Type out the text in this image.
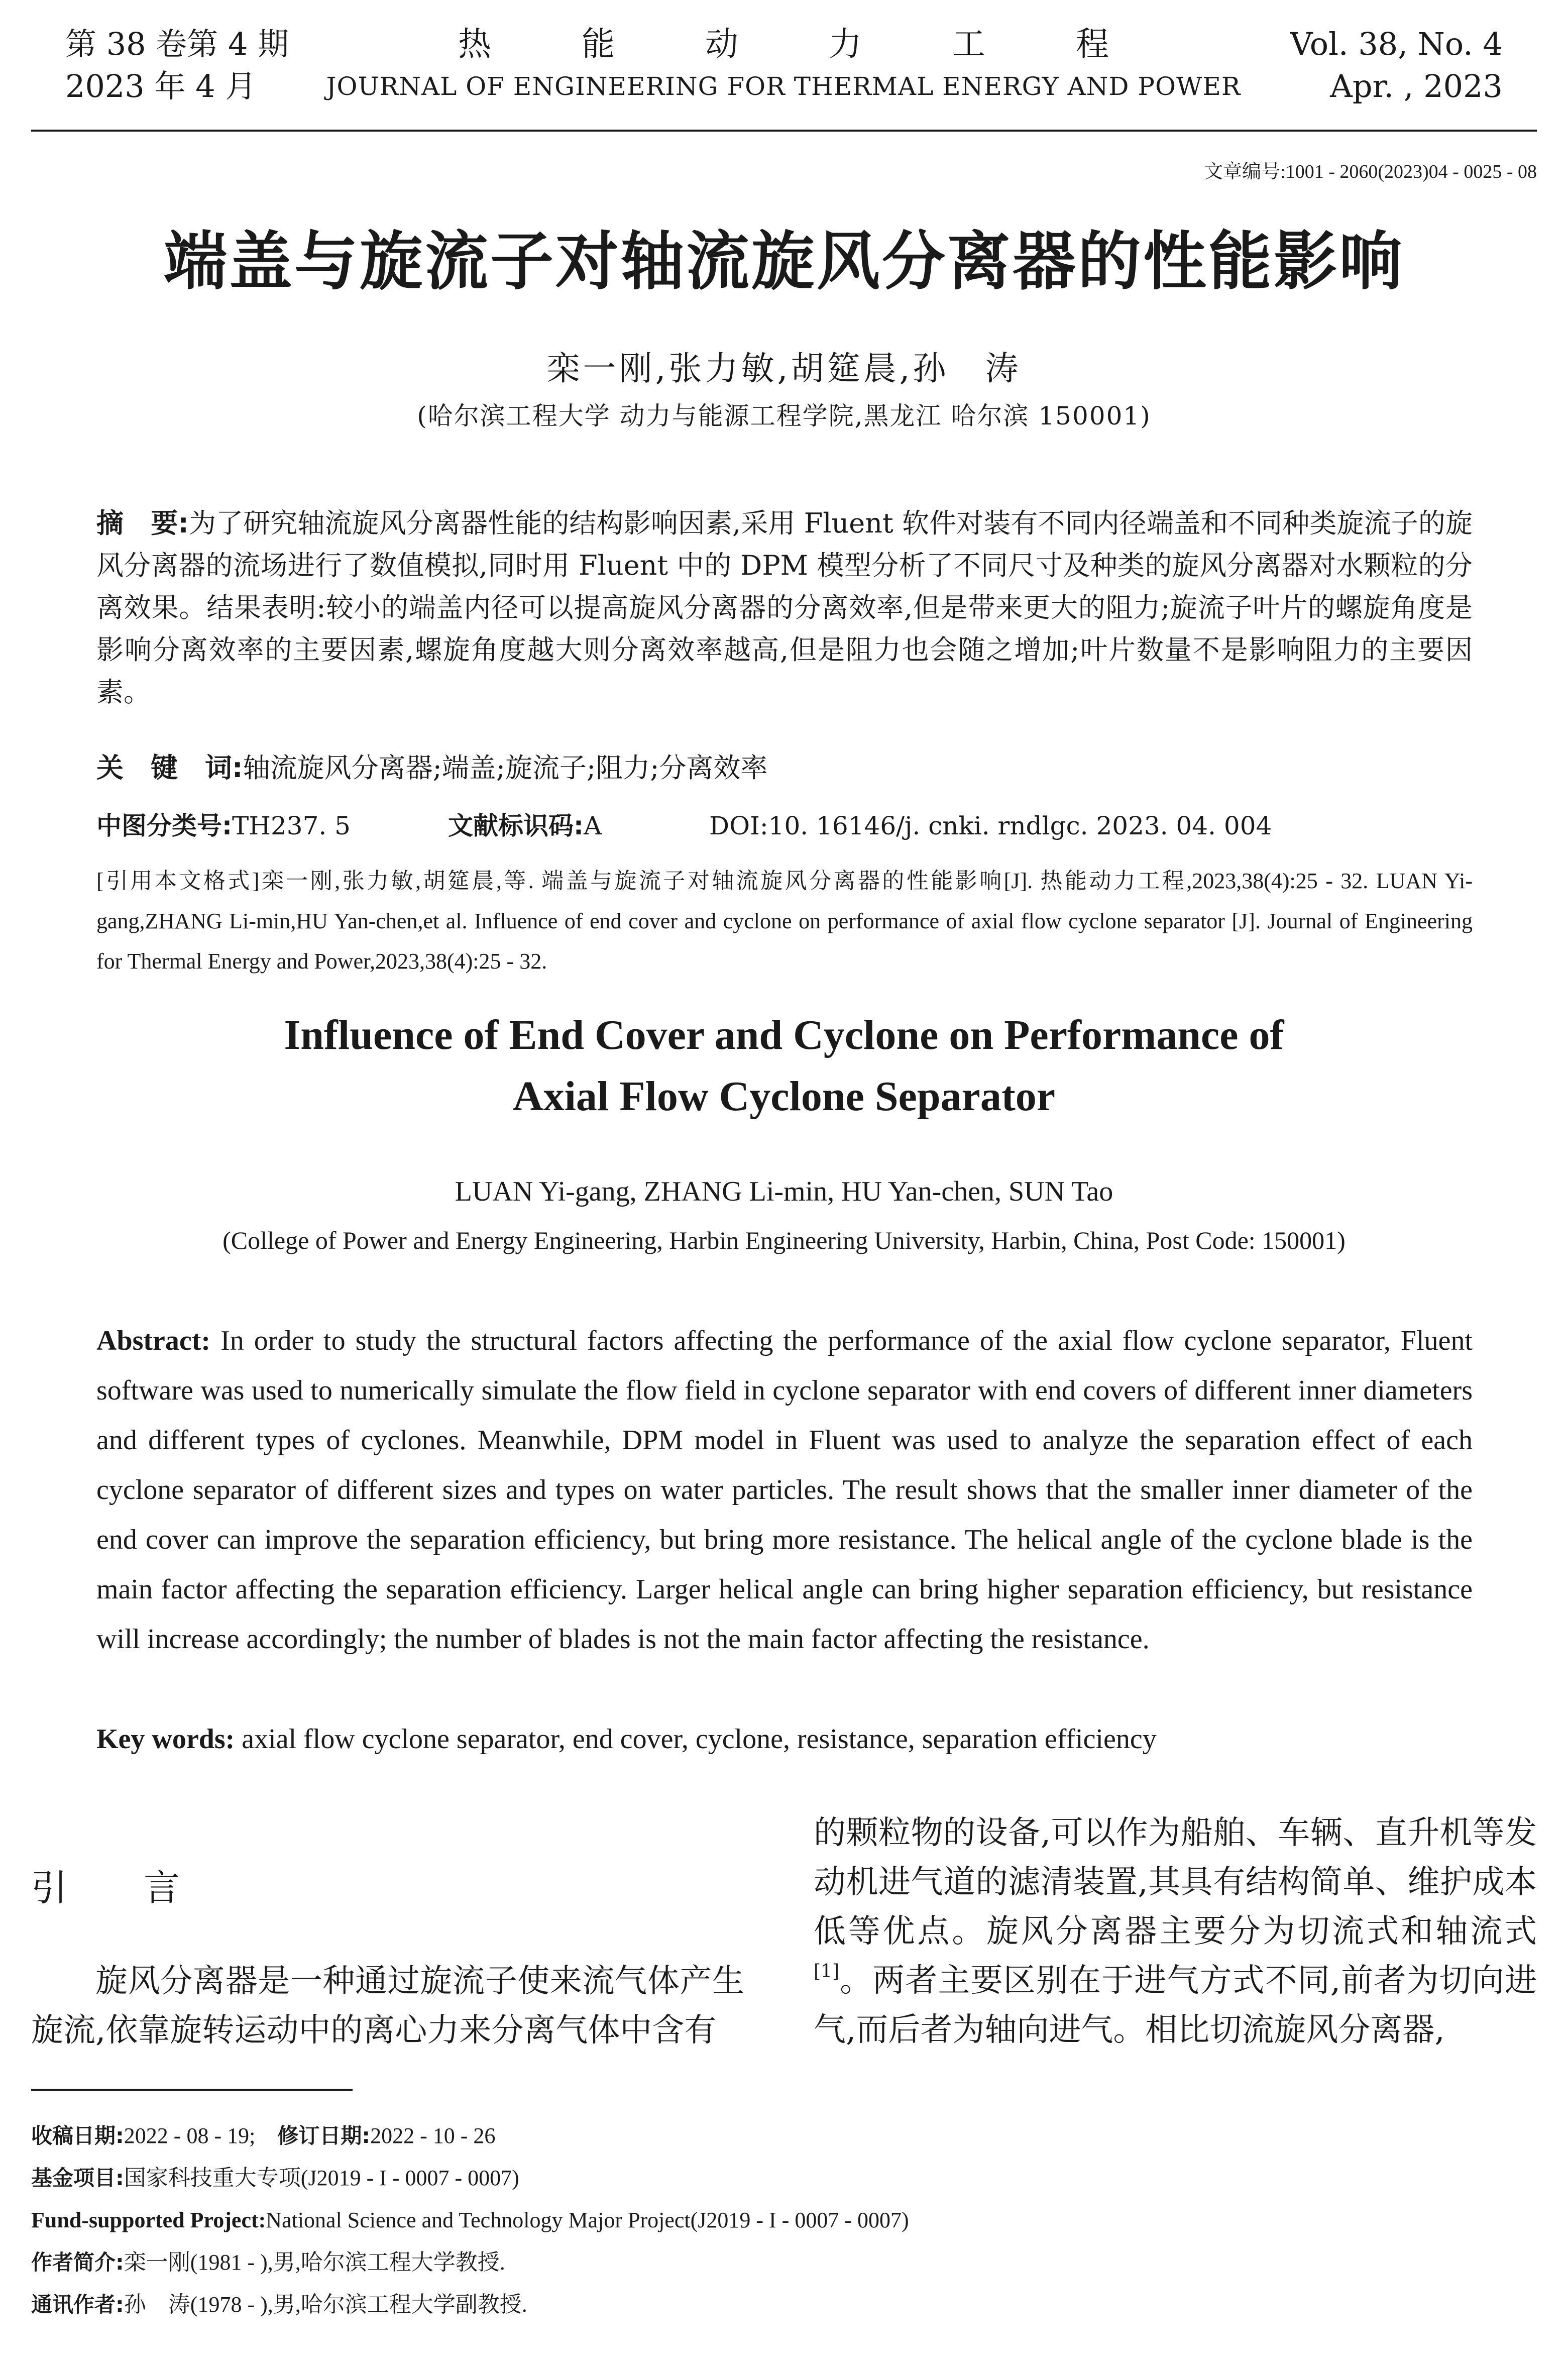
第 38 卷第 4 期
2023 年 4 月
热能动力工程
JOURNAL OF ENGINEERING FOR THERMAL ENERGY AND POWER
Vol. 38, No. 4
Apr. , 2023
文章编号:1001 - 2060(2023)04 - 0025 - 08
端盖与旋流子对轴流旋风分离器的性能影响
栾一刚,张力敏,胡筵晨,孙　涛
(哈尔滨工程大学 动力与能源工程学院,黑龙江 哈尔滨 150001)
摘　要:为了研究轴流旋风分离器性能的结构影响因素,采用 Fluent 软件对装有不同内径端盖和不同种类旋流子的旋风分离器的流场进行了数值模拟,同时用 Fluent 中的 DPM 模型分析了不同尺寸及种类的旋风分离器对水颗粒的分离效果。结果表明:较小的端盖内径可以提高旋风分离器的分离效率,但是带来更大的阻力;旋流子叶片的螺旋角度是影响分离效率的主要因素,螺旋角度越大则分离效率越高,但是阻力也会随之增加;叶片数量不是影响阻力的主要因素。
关　键　词:轴流旋风分离器;端盖;旋流子;阻力;分离效率
中图分类号:TH237. 5	文献标识码:A	DOI:10. 16146/j. cnki. rndlgc. 2023. 04. 004
[引用本文格式]栾一刚,张力敏,胡筵晨,等. 端盖与旋流子对轴流旋风分离器的性能影响[J]. 热能动力工程,2023,38(4):25 - 32. LUAN Yi-gang,ZHANG Li-min,HU Yan-chen,et al. Influence of end cover and cyclone on performance of axial flow cyclone separator [J]. Journal of Engineering for Thermal Energy and Power,2023,38(4):25 - 32.
Influence of End Cover and Cyclone on Performance of
Axial Flow Cyclone Separator
LUAN Yi-gang, ZHANG Li-min, HU Yan-chen, SUN Tao
(College of Power and Energy Engineering, Harbin Engineering University, Harbin, China, Post Code: 150001)
Abstract: In order to study the structural factors affecting the performance of the axial flow cyclone separator, Fluent software was used to numerically simulate the flow field in cyclone separator with end covers of different inner diameters and different types of cyclones. Meanwhile, DPM model in Fluent was used to analyze the separation effect of each cyclone separator of different sizes and types on water particles. The result shows that the smaller inner diameter of the end cover can improve the separation efficiency, but bring more resistance. The helical angle of the cyclone blade is the main factor affecting the separation efficiency. Larger helical angle can bring higher separation efficiency, but resistance will increase accordingly; the number of blades is not the main factor affecting the resistance.
Key words: axial flow cyclone separator, end cover, cyclone, resistance, separation efficiency
引　言
旋风分离器是一种通过旋流子使来流气体产生旋流,依靠旋转运动中的离心力来分离气体中含有
的颗粒物的设备,可以作为船舶、车辆、直升机等发动机进气道的滤清装置,其具有结构简单、维护成本低等优点。旋风分离器主要分为切流式和轴流式[1]。两者主要区别在于进气方式不同,前者为切向进气,而后者为轴向进气。相比切流旋风分离器,
收稿日期:2022 - 08 - 19; 修订日期:2022 - 10 - 26
基金项目:国家科技重大专项(J2019 - I - 0007 - 0007)
Fund-supported Project:National Science and Technology Major Project(J2019 - I - 0007 - 0007)
作者简介:栾一刚(1981 - ),男,哈尔滨工程大学教授.
通讯作者:孙　涛(1978 - ),男,哈尔滨工程大学副教授.
